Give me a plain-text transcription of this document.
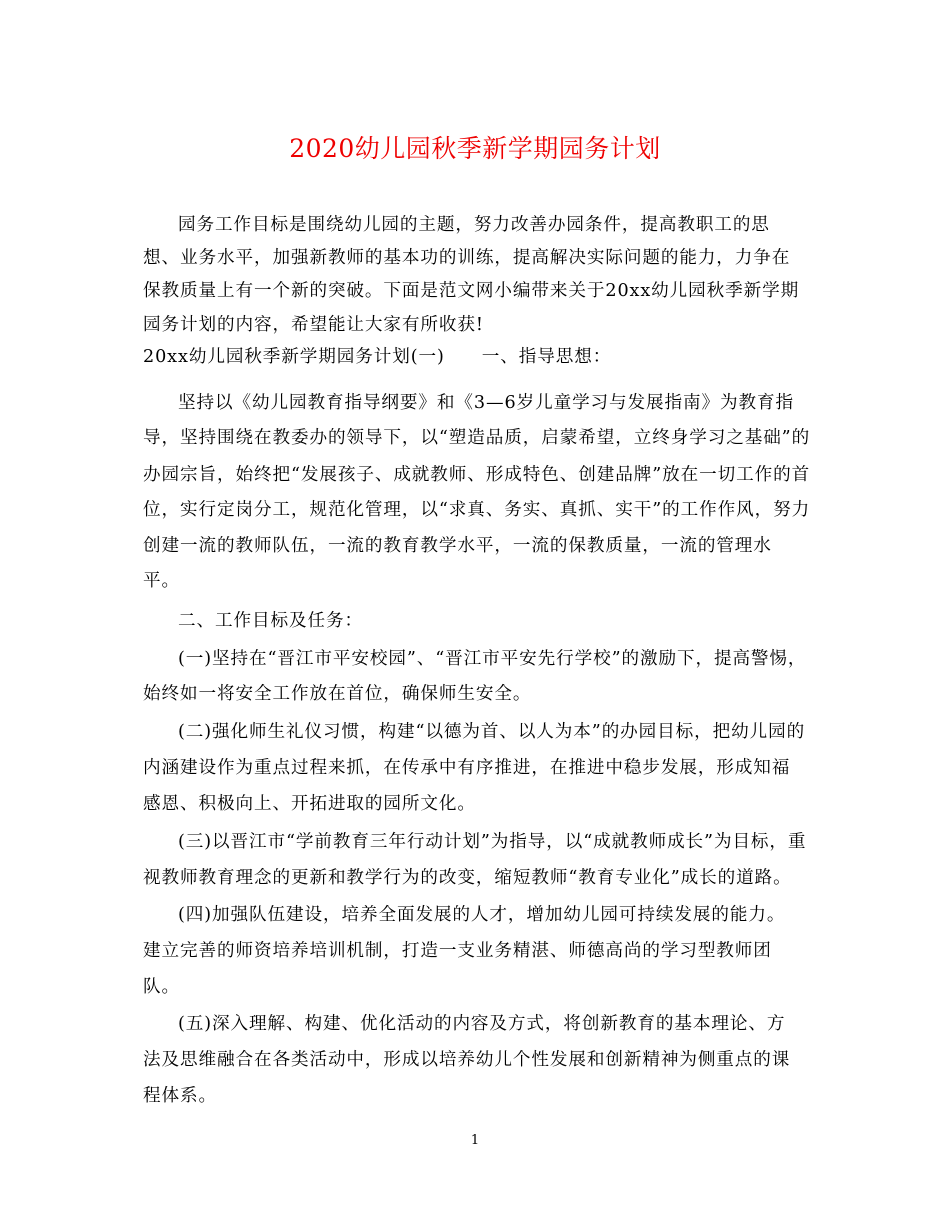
2020幼儿园秋季新学期园务计划
园务工作目标是围绕幼儿园的主题，努力改善办园条件，提高教职工的思
想、业务水平，加强新教师的基本功的训练，提高解决实际问题的能力，力争在
保教质量上有一个新的突破。下面是范文网小编带来关于20xx幼儿园秋季新学期
园务计划的内容，希望能让大家有所收获!
20xx幼儿园秋季新学期园务计划(一)　　一、指导思想：
坚持以《幼儿园教育指导纲要》和《3—6岁儿童学习与发展指南》为教育指
导，坚持围绕在教委办的领导下，以“塑造品质，启蒙希望，立终身学习之基础”的
办园宗旨，始终把“发展孩子、成就教师、形成特色、创建品牌”放在一切工作的首
位，实行定岗分工，规范化管理，以“求真、务实、真抓、实干”的工作作风，努力
创建一流的教师队伍，一流的教育教学水平，一流的保教质量，一流的管理水
平。
二、工作目标及任务：
(一)坚持在“晋江市平安校园”、“晋江市平安先行学校”的激励下，提高警惕，
始终如一将安全工作放在首位，确保师生安全。
(二)强化师生礼仪习惯，构建“以德为首、以人为本”的办园目标，把幼儿园的
内涵建设作为重点过程来抓，在传承中有序推进，在推进中稳步发展，形成知福
感恩、积极向上、开拓进取的园所文化。
(三)以晋江市“学前教育三年行动计划”为指导，以“成就教师成长”为目标，重
视教师教育理念的更新和教学行为的改变，缩短教师“教育专业化”成长的道路。
(四)加强队伍建设，培养全面发展的人才，增加幼儿园可持续发展的能力。
建立完善的师资培养培训机制，打造一支业务精湛、师德高尚的学习型教师团
队。
(五)深入理解、构建、优化活动的内容及方式，将创新教育的基本理论、方
法及思维融合在各类活动中，形成以培养幼儿个性发展和创新精神为侧重点的课
程体系。
1
